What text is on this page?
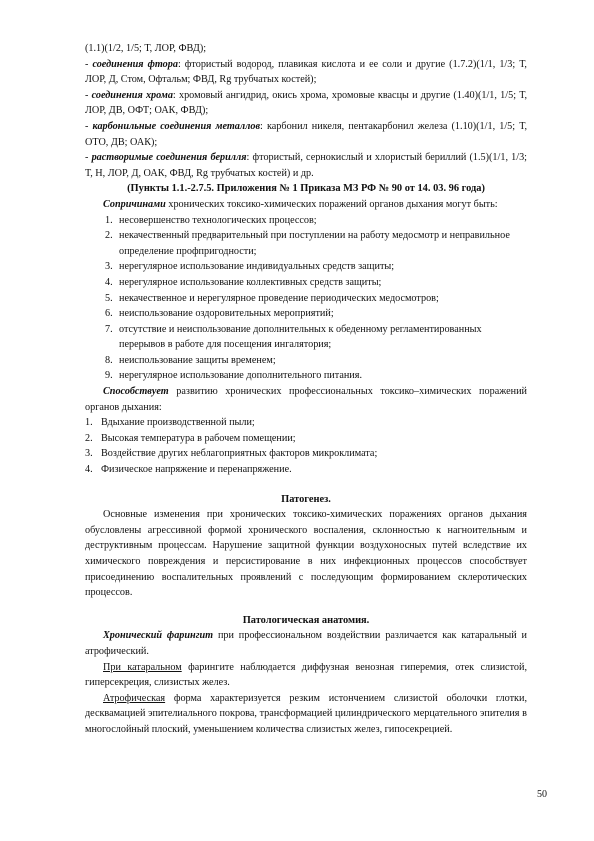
(1.1)(1/2, 1/5; Т, ЛОР, ФВД);

- соединения фтора: фтористый водород, плавикая кислота и ее соли и другие (1.7.2)(1/1, 1/3; Т, ЛОР, Д, Стом, Офтальм; ФВД, Rg трубчатых костей);

- соединения хрома: хромовый ангидрид, окись хрома, хромовые квасцы и другие (1.40)(1/1, 1/5; Т, ЛОР, ДВ, ОФТ; ОАК, ФВД);

- карбонильные соединения металлов: карбонил никеля, пентакарбонил железа (1.10)(1/1, 1/5; Т, ОТО, ДВ; ОАК);

- растворимые соединения берилля: фтористый, сернокислый и хлористый бериллий (1.5)(1/1, 1/3; Т, Н, ЛОР, Д, ОАК, ФВД, Rg трубчатых костей) и др.

(Пункты 1.1.-2.7.5. Приложения № 1 Приказа МЗ РФ № 90 от 14. 03. 96 года)

Сопричинами хронических токсико-химических поражений органов дыхания могут быть:

1. несовершенство технологических процессов;
2. некачественный предварительный при поступлении на работу медосмотр и неправильное определение профпригодности;
3. нерегулярное использование индивидуальных средств защиты;
4. нерегулярное использование коллективных средств защиты;
5. некачественное и нерегулярное проведение периодических медосмотров;
6. неиспользование оздоровительных мероприятий;
7. отсутствие и неиспользование дополнительных к обеденному регламентированных перерывов в работе для посещения ингалятория;
8. неиспользование защиты временем;
9. нерегулярное использование дополнительного питания.

Способствует развитию хронических профессиональных токсико–химических поражений органов дыхания:

1. Вдыхание производственной пыли;
2. Высокая температура в рабочем помещении;
3. Воздействие других неблагоприятных факторов микроклимата;
4. Физическое напряжение и перенапряжение.

Патогенез.

Основные изменения при хронических токсико-химических поражениях органов дыхания обусловлены агрессивной формой хронического воспаления, склонностью к нагноительным и деструктивным процессам. Нарушение защитной функции воздухоносных путей вследствие их химического повреждения и персистирование в них инфекционных процессов способствует присоединению воспалительных проявлений с последующим формированием склеротических процессов.

Патологическая анатомия.

Хронический фарингит при профессиональном воздействии различается как катаральный и атрофический.

При катаральном фарингите наблюдается диффузная венозная гиперемия, отек слизистой, гиперсекреция, слизистых желез.

Атрофическая форма характеризуется резким истончением слизистой оболочки глотки, десквамацией эпителиального покрова, трансформацией цилиндрического мерцательного эпителия в многослойный плоский, уменьшением количества слизистых желез, гипосекрецией.

50
